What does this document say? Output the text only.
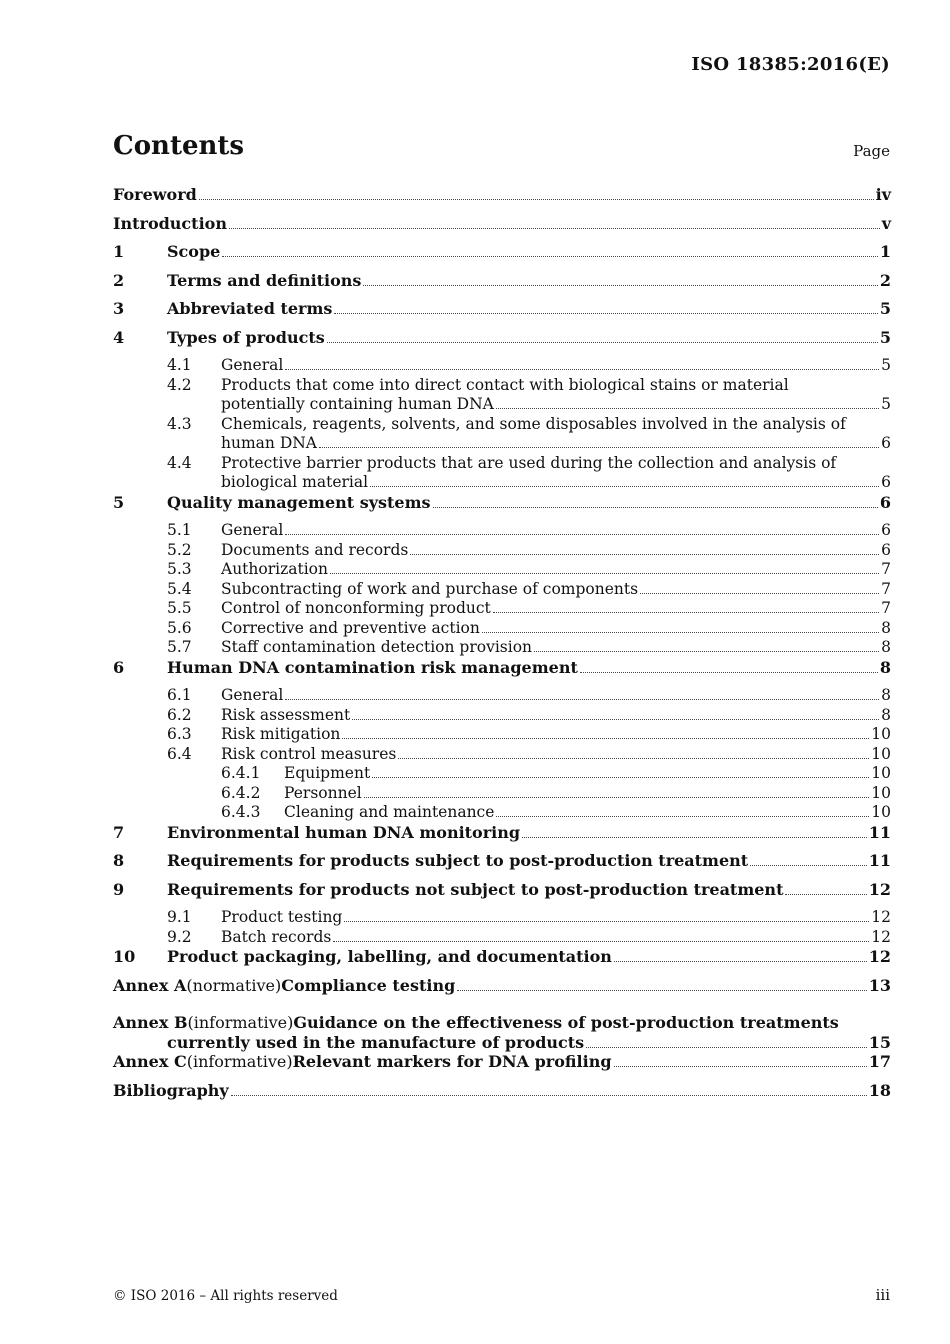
ISO 18385:2016(E)
Contents	Page
Foreword	iv
Introduction	v
1	Scope	1
2	Terms and definitions	2
3	Abbreviated terms	5
4	Types of products	5
4.1	General	5
4.2	Products that come into direct contact with biological stains or material
potentially containing human DNA	5
4.3	Chemicals, reagents, solvents, and some disposables involved in the analysis of
human DNA	6
4.4	Protective barrier products that are used during the collection and analysis of
biological material	6
5	Quality management systems	6
5.1	General	6
5.2	Documents and records	6
5.3	Authorization	7
5.4	Subcontracting of work and purchase of components	7
5.5	Control of nonconforming product	7
5.6	Corrective and preventive action	8
5.7	Staff contamination detection provision	8
6	Human DNA contamination risk management	8
6.1	General	8
6.2	Risk assessment	8
6.3	Risk mitigation	10
6.4	Risk control measures	10
6.4.1	Equipment	10
6.4.2	Personnel	10
6.4.3	Cleaning and maintenance	10
7	Environmental human DNA monitoring	11
8	Requirements for products subject to post-production treatment	11
9	Requirements for products not subject to post-production treatment	12
9.1	Product testing	12
9.2	Batch records	12
10	Product packaging, labelling, and documentation	12
Annex A (normative) Compliance testing	13
Annex B (informative) Guidance on the effectiveness of post-production treatments
currently used in the manufacture of products	15
Annex C (informative) Relevant markers for DNA profiling	17
Bibliography	18
© ISO 2016 – All rights reserved	iii
